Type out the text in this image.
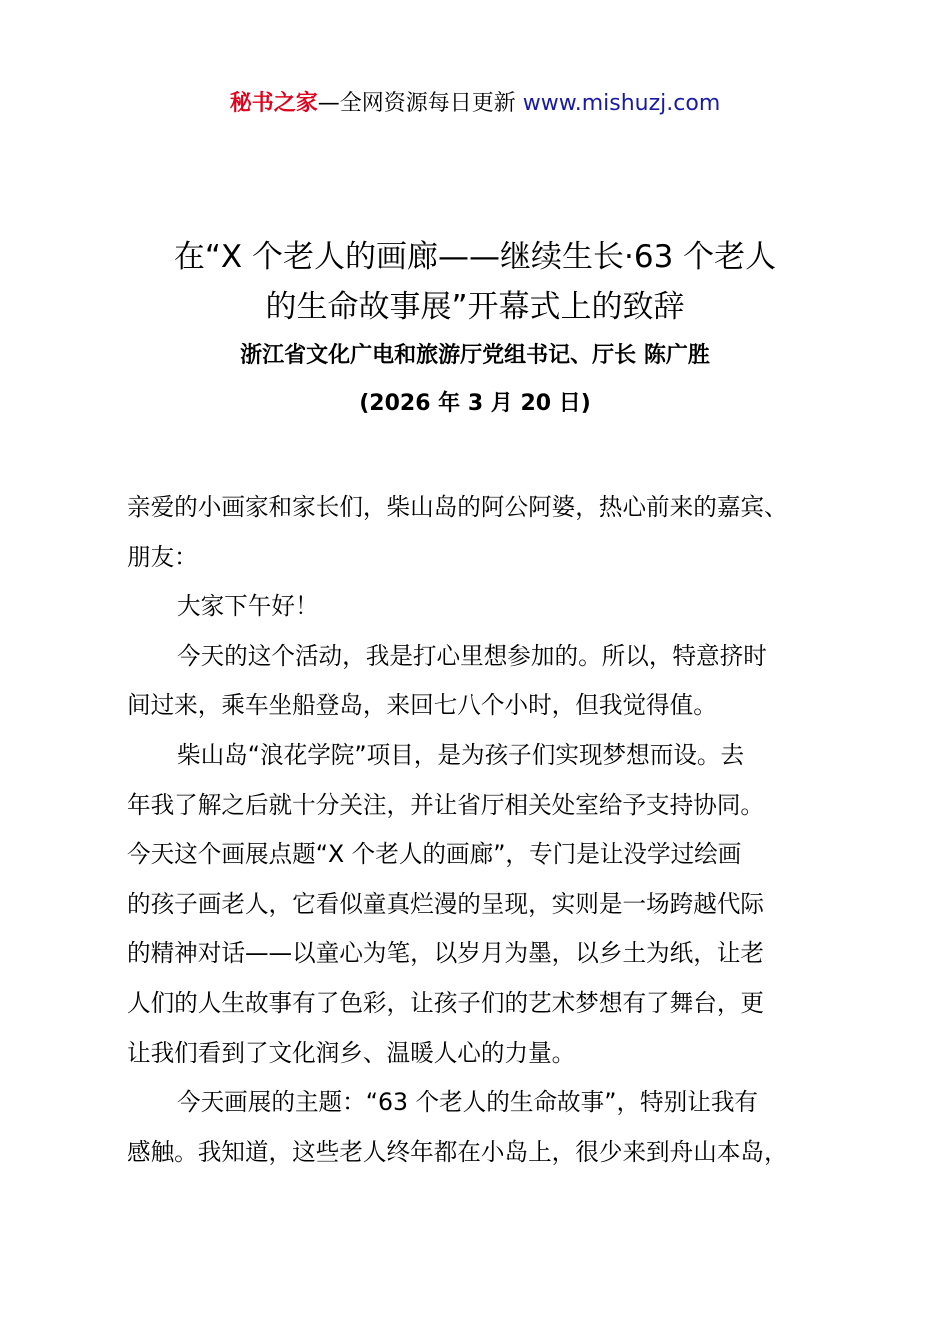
秘书之家—全网资源每日更新 www.mishuzj.com
在“X 个老人的画廊——继续生长·63 个老人
的生命故事展”开幕式上的致辞
浙江省文化广电和旅游厅党组书记、厅长 陈广胜
(2026 年 3 月 20 日)
亲爱的小画家和家长们，柴山岛的阿公阿婆，热心前来的嘉宾、
朋友：
大家下午好！
今天的这个活动，我是打心里想参加的。所以，特意挤时
间过来，乘车坐船登岛，来回七八个小时，但我觉得值。
柴山岛“浪花学院”项目，是为孩子们实现梦想而设。去
年我了解之后就十分关注，并让省厅相关处室给予支持协同。
今天这个画展点题“X 个老人的画廊”，专门是让没学过绘画
的孩子画老人，它看似童真烂漫的呈现，实则是一场跨越代际
的精神对话——以童心为笔，以岁月为墨，以乡土为纸，让老
人们的人生故事有了色彩，让孩子们的艺术梦想有了舞台，更
让我们看到了文化润乡、温暖人心的力量。
今天画展的主题：“63 个老人的生命故事”，特别让我有
感触。我知道，这些老人终年都在小岛上，很少来到舟山本岛，
